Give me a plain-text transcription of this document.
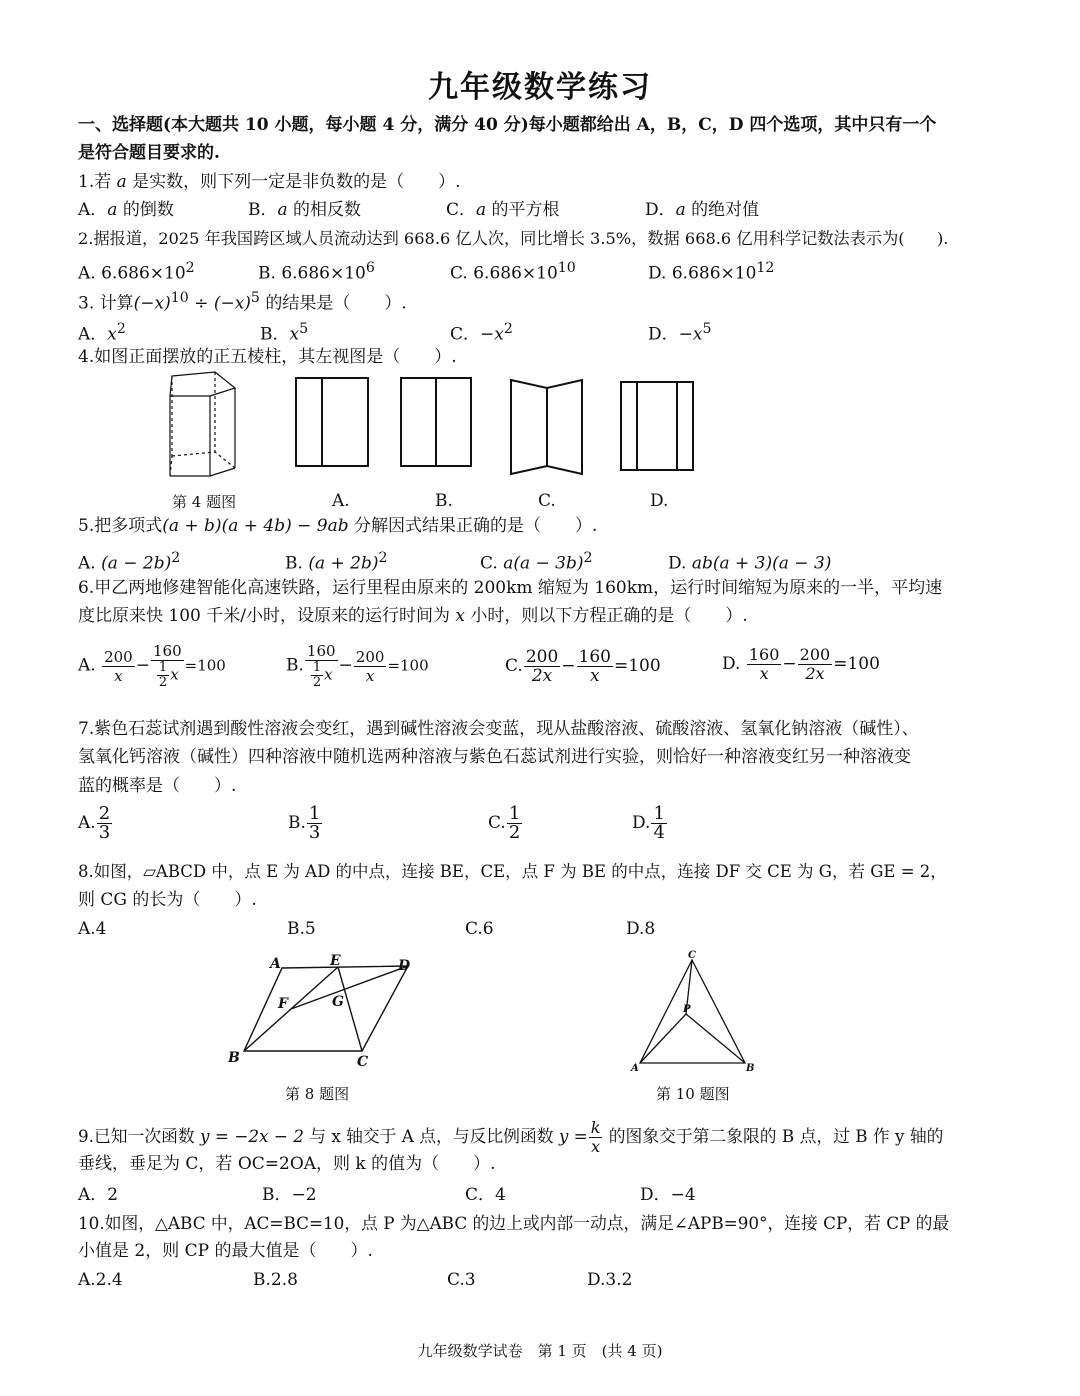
九年级数学练习
一、选择题(本大题共 10 小题，每小题 4 分，满分 40 分)每小题都给出 A，B，C，D 四个选项，其中只有一个
是符合题目要求的.
1.若 a 是实数，则下列一定是非负数的是（　　）.
A．a 的倒数	B．a 的相反数	C．a 的平方根	D．a 的绝对值
2.据报道，2025 年我国跨区域人员流动达到 668.6 亿人次，同比增长 3.5%，数据 668.6 亿用科学记数法表示为(　　).
A. $6.686\times 10^2$	B. $6.686\times 10^6$	C. $6.686\times 10^{10}$	D. $6.686\times 10^{12}$
3. 计算$(-x)^{10} \div (-x)^5$ 的结果是（　　）.
A．$x^2$	B．$x^5$	C．$-x^2$	D．$-x^5$
4.如图正面摆放的正五棱柱，其左视图是（　　）.
第 4 题图	A.	B.	C.	D.
5.把多项式(a + b)(a + 4b) − 9ab 分解因式结果正确的是（　　）.
A. $(a - 2b)^2$	B. $(a + 2b)^2$	C. $a(a - 3b)^2$	D. ab(a + 3)(a − 3)
6.甲乙两地修建智能化高速铁路，运行里程由原来的 200km 缩短为 160km，运行时间缩短为原来的一半，平均速
度比原来快 100 千米/小时，设原来的运行时间为 x 小时，则以下方程正确的是（　　）.
A. $\frac{200}{x} - \frac{160}{\frac{1}{2} x} =100$	B. $\frac{160}{\frac{1}{2} x} - \frac{200}{x} =100$	C. $\frac{200}{2x} - \frac{160}{x} =100$	D. $\frac{160}{x} - \frac{200}{2x} =100$
7.紫色石蕊试剂遇到酸性溶液会变红，遇到碱性溶液会变蓝，现从盐酸溶液、硫酸溶液、氢氧化钠溶液（碱性）、
氢氧化钙溶液（碱性）四种溶液中随机选两种溶液与紫色石蕊试剂进行实验，则恰好一种溶液变红另一种溶液变
蓝的概率是（　　）.
A. $\frac{2}{3}$	B. $\frac{1}{3}$	C. $\frac{1}{2}$	D. $\frac{1}{4}$
8.如图，▱ABCD 中，点 E 为 AD 的中点，连接 BE，CE，点 F 为 BE 的中点，连接 DF 交 CE 为 G，若 GE = 2，
则 CG 的长为（　　）.
A.4	B.5	C.6	D.8
A	E	D
F	G
B	C
第 8 题图
C
P
A	B
第 10 题图
9.已知一次函数 y = −2x − 2 与 x 轴交于 A 点，与反比例函数 $y = \frac{k}{x}$ 的图象交于第二象限的 B 点，过 B 作 y 轴的
垂线，垂足为 C，若 OC=2OA，则 k 的值为（　　）.
A．2	B．−2	C．4	D．−4
10.如图，△ABC 中，AC=BC=10，点 P 为△ABC 的边上或内部一动点，满足∠APB=90°，连接 CP，若 CP 的最
小值是 2，则 CP 的最大值是（　　）.
A.2.4	B.2.8	C.3	D.3.2
九年级数学试卷　第 1 页　(共 4 页)
